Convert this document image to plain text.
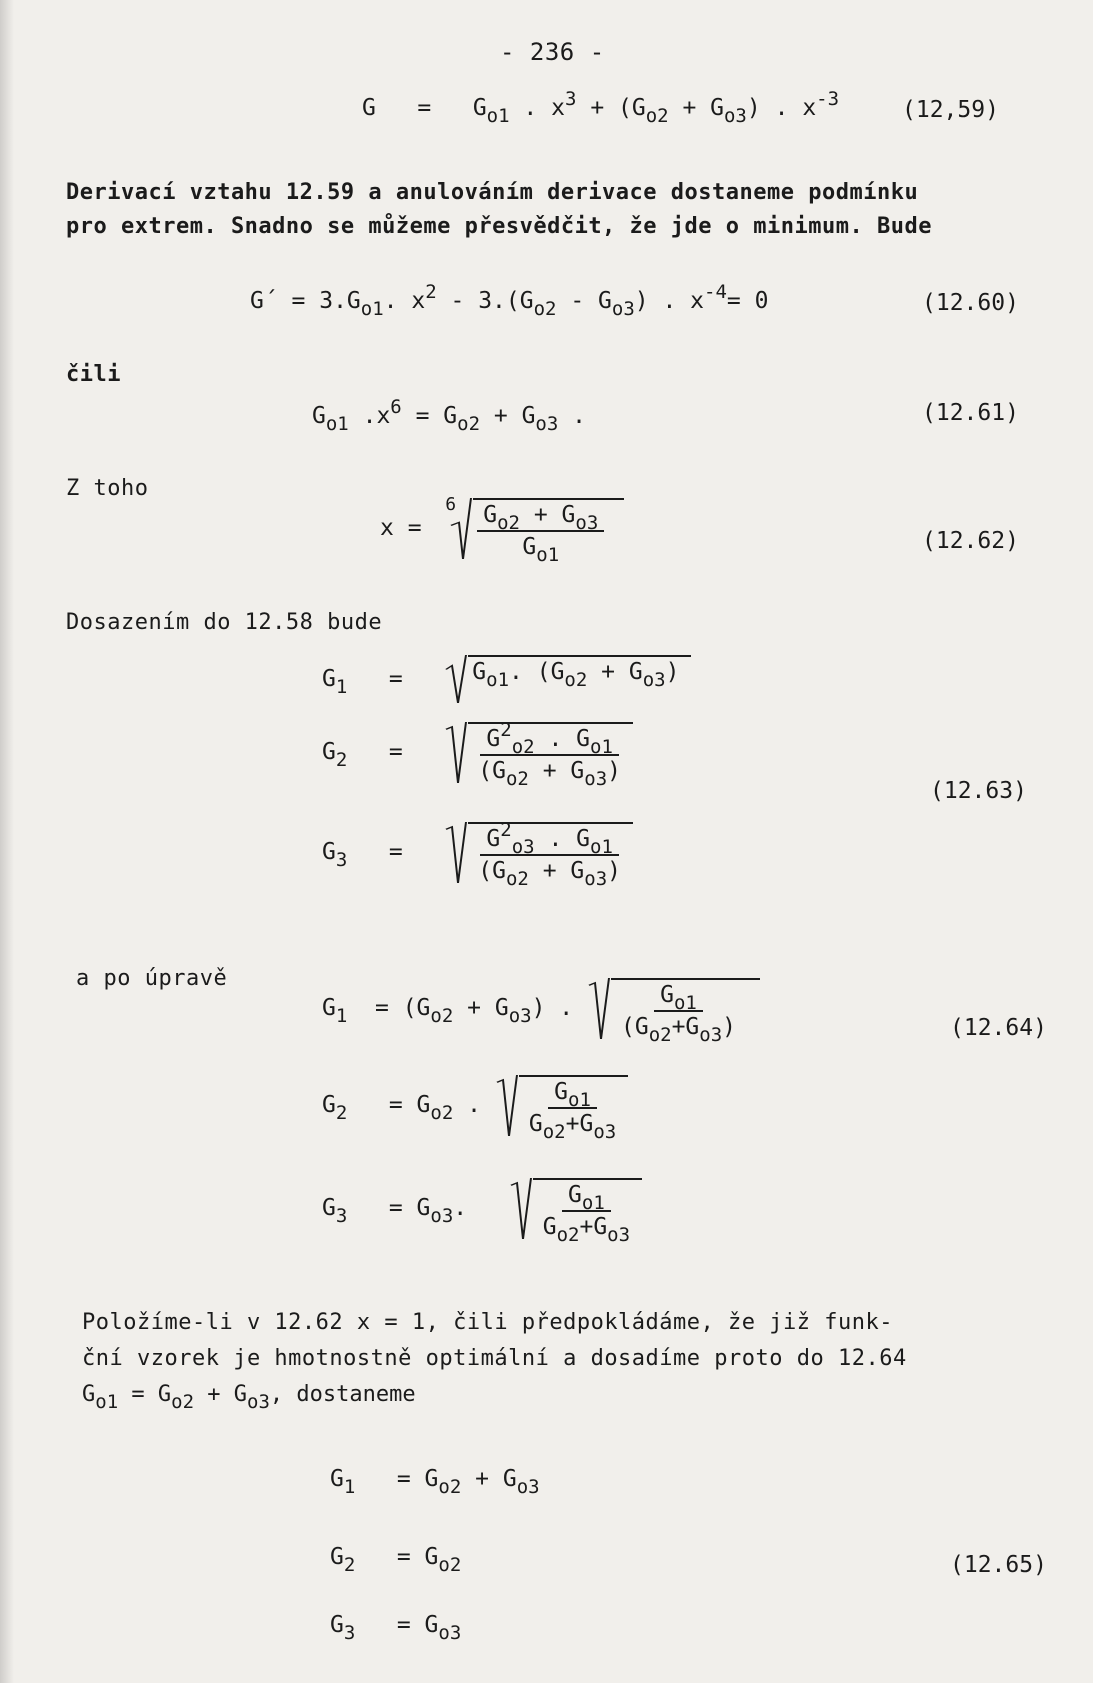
- 236 -
$G = G_{o1}$ . $x^3 + (G_{o2} + G_{o3})$ . $x^{-3}$	(12,59)
Derivací vztahu 12.59 a anulováním derivace dostaneme podmínku
pro extrem. Snadno se můžeme přesvědčit, že jde o minimum. Bude
G´ = $3.G_{o1}$. $x^2 - 3.(G_{o2} - G_{o3})$ . $x^{-4}= 0$	(12.60)
čili
$G_{o1}$ $.x^6 = G_{o2} + G_{o3}$ .	(12.61)
Z toho
x =
$6 \frac{G_{o2} + G_{o3}}{G_{o1}}$	(12.62)
Dosazením do 12.58 bude
$G_1$ =	$G_{o1}$. $(G_{o2} + G_{o3})$
$G_2$ =	$\frac{G^2_{o2} . G_{o1}}{(G_{o2} + G_{o3})}$
$G_3$ =	$\frac{G^2_{o3} . G_{o1}}{(G_{o2} + G_{o3})}$
(12.63)
a po úpravě
$G_1 = (G_{o2} + G_{o3})$ . $\frac{G_{o1}}{(G_{o2}+G_{o3})}$
$G_2 = G_{o2}$ . $\frac{G_{o1}}{G_{o2}+G_{o3}}$
$G_3 = G_{o3}$.	$\frac{G_{o1}}{G_{o2}+G_{o3}}$
(12.64)
Položíme-li v 12.62 x = 1, čili předpokládáme, že již funk-
ční vzorek je hmotnostně optimální a dosadíme proto do 12.64
$G_{o1} = G_{o2} + G_{o3}$, dostaneme
$G_1 = G_{o2} + G_{o3}$
$G_2 = G_{o2}$
$G_3 = G_{o3}$
(12.65)
